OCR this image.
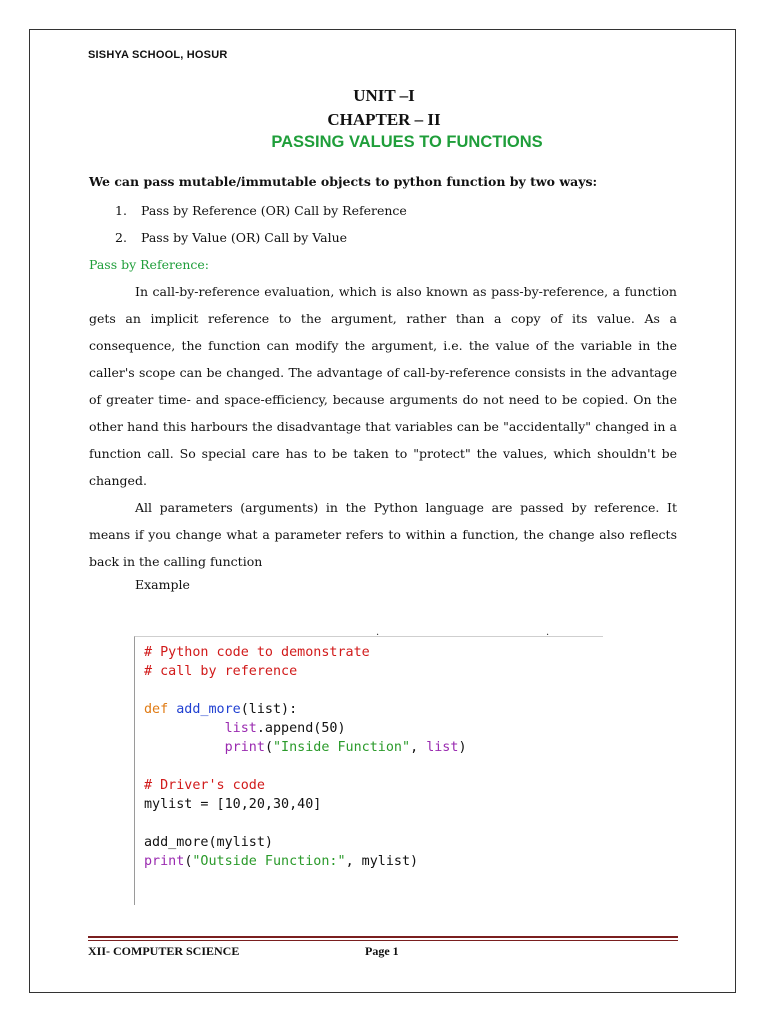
SISHYA SCHOOL, HOSUR
UNIT –I
CHAPTER – II
PASSING VALUES TO FUNCTIONS
We can pass mutable/immutable objects to python function by two ways:
1. Pass by Reference (OR) Call by Reference
2. Pass by Value (OR) Call by Value
Pass by Reference:
In call-by-reference evaluation, which is also known as pass-by-reference, a function gets an implicit reference to the argument, rather than a copy of its value. As a consequence, the function can modify the argument, i.e. the value of the variable in the caller's scope can be changed. The advantage of call-by-reference consists in the advantage of greater time- and space-efficiency, because arguments do not need to be copied. On the other hand this harbours the disadvantage that variables can be "accidentally" changed in a function call. So special care has to be taken to "protect" the values, which shouldn't be changed.
All parameters (arguments) in the Python language are passed by reference. It means if you change what a parameter refers to within a function, the change also reflects back in the calling function
Example
# Python code to demonstrate
# call by reference

def add_more(list):
list.append(50)
print("Inside Function", list)

# Driver's code
mylist = [10,20,30,40]

add_more(mylist)
print("Outside Function:", mylist)
XII- COMPUTER SCIENCE	Page 1
